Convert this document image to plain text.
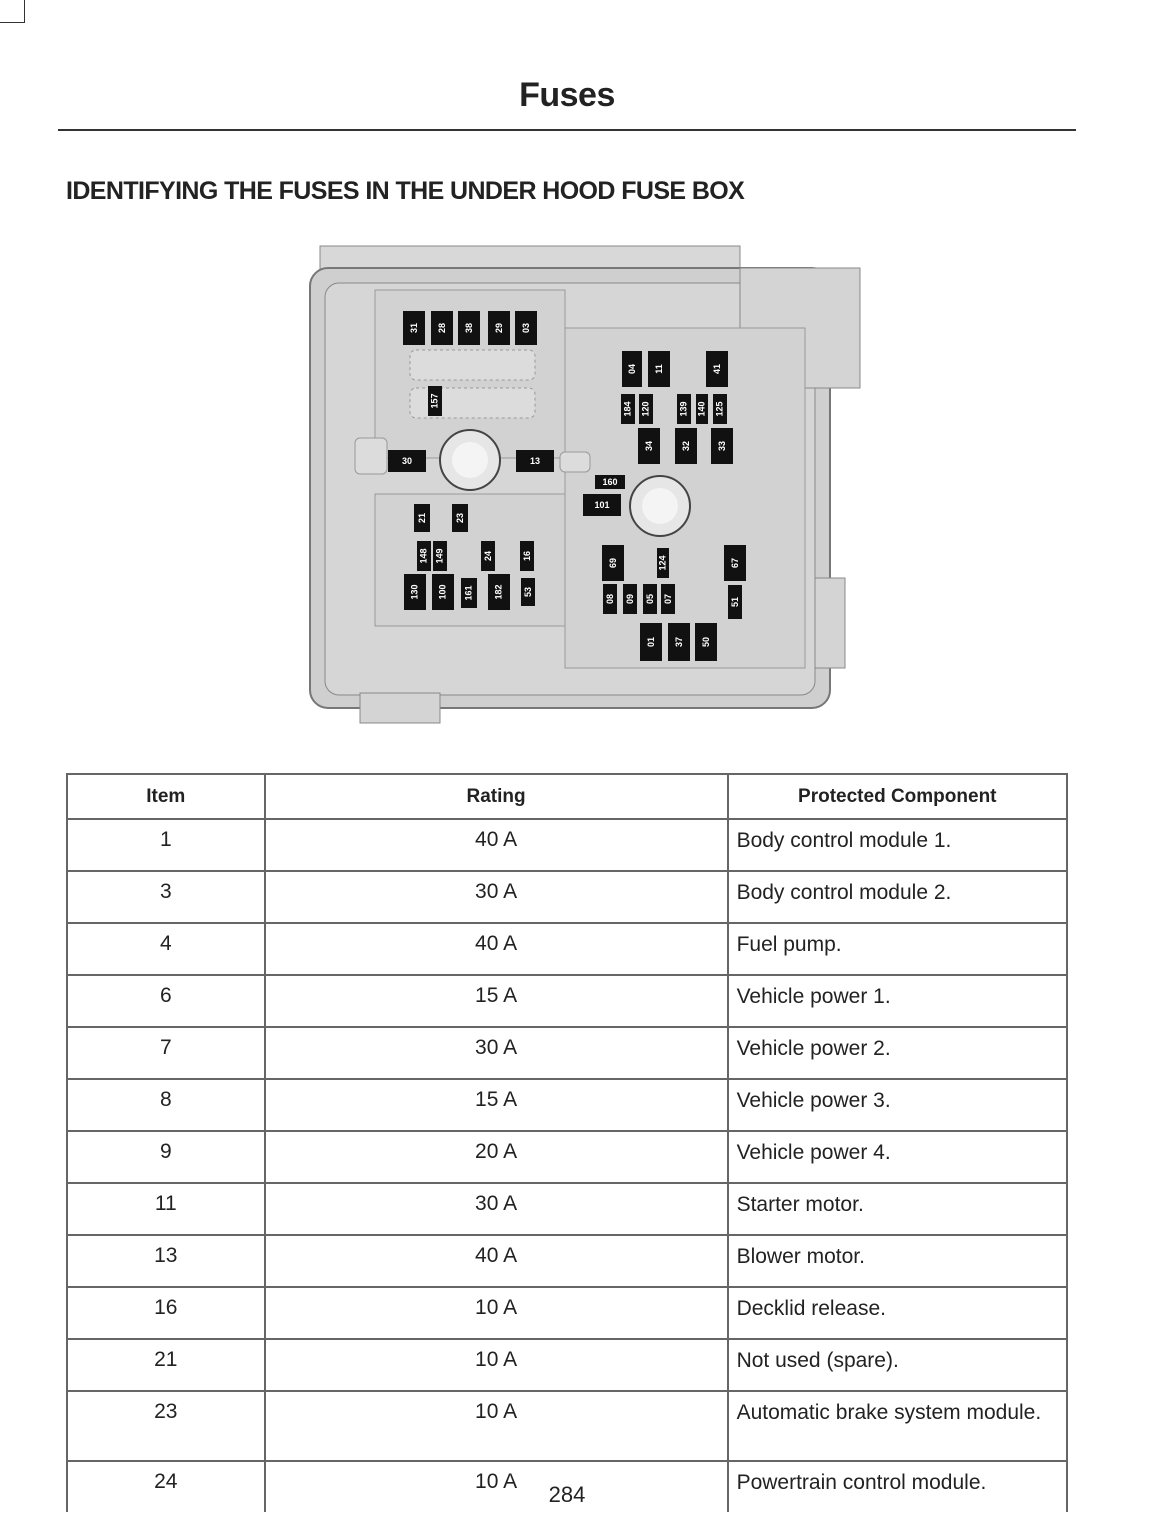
Fuses
IDENTIFYING THE FUSES IN THE UNDER HOOD FUSE BOX
31 28 38 29 03
157
30	13
04 11	41
184 120	139 140 125
34	32	33
160
101
21	23
148 149	24	16
130 100 161 182 53
69	124	67
08 09 05 07	51
01 37 50
Item	Rating	Protected Component
1	40 A	Body control module 1.
3	30 A	Body control module 2.
4	40 A	Fuel pump.
6	15 A	Vehicle power 1.
7	30 A	Vehicle power 2.
8	15 A	Vehicle power 3.
9	20 A	Vehicle power 4.
11	30 A	Starter motor.
13	40 A	Blower motor.
16	10 A	Decklid release.
21	10 A	Not used (spare).
23	10 A	Automatic brake system module.
24	10 A	Powertrain control module.
284
